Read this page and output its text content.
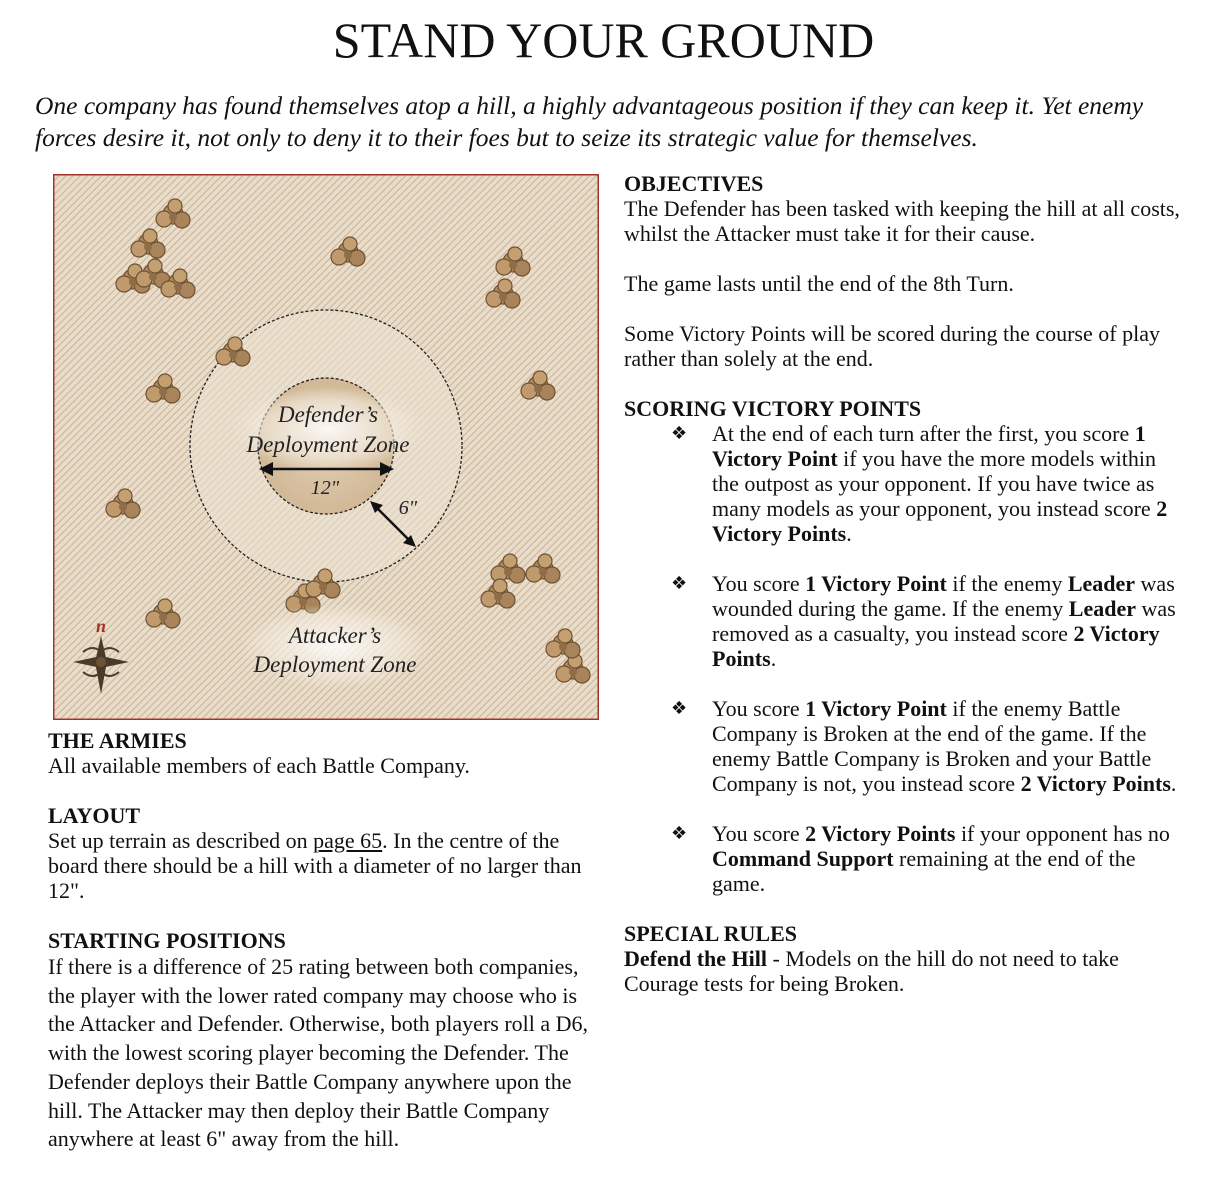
STAND YOUR GROUND
One company has found themselves atop a hill, a highly advantageous position if they can keep it. Yet enemy forces desire it, not only to deny it to their foes but to seize its strategic value for themselves.
Defender’s
Deployment Zone
12"
6"
Attacker’s
Deployment Zone
n
THE ARMIES

All available members of each Battle Company.

LAYOUT

Set up terrain as described on page 65. In the centre of the board there should be a hill with a diameter of no larger than 12".

STARTING POSITIONS

If there is a difference of 25 rating between both companies, the player with the lower rated company may choose who is the Attacker and Defender. Otherwise, both players roll a D6, with the lowest scoring player becoming the Defender. The Defender deploys their Battle Company anywhere upon the hill. The Attacker may then deploy their Battle Company anywhere at least 6" away from the hill.

OBJECTIVES

The Defender has been tasked with keeping the hill at all costs, whilst the Attacker must take it for their cause.

The game lasts until the end of the 8th Turn.

Some Victory Points will be scored during the course of play rather than solely at the end.

SCORING VICTORY POINTS
❖ At the end of each turn after the first, you score 1 Victory Point if you have the more models within the outpost as your opponent. If you have twice as many models as your opponent, you instead score 2 Victory Points.
❖ You score 1 Victory Point if the enemy Leader was wounded during the game. If the enemy Leader was removed as a casualty, you instead score 2 Victory Points.
❖ You score 1 Victory Point if the enemy Battle Company is Broken at the end of the game. If the enemy Battle Company is Broken and your Battle Company is not, you instead score 2 Victory Points.
❖ You score 2 Victory Points if your opponent has no Command Support remaining at the end of the game.
SPECIAL RULES

Defend the Hill - Models on the hill do not need to take Courage tests for being Broken.
